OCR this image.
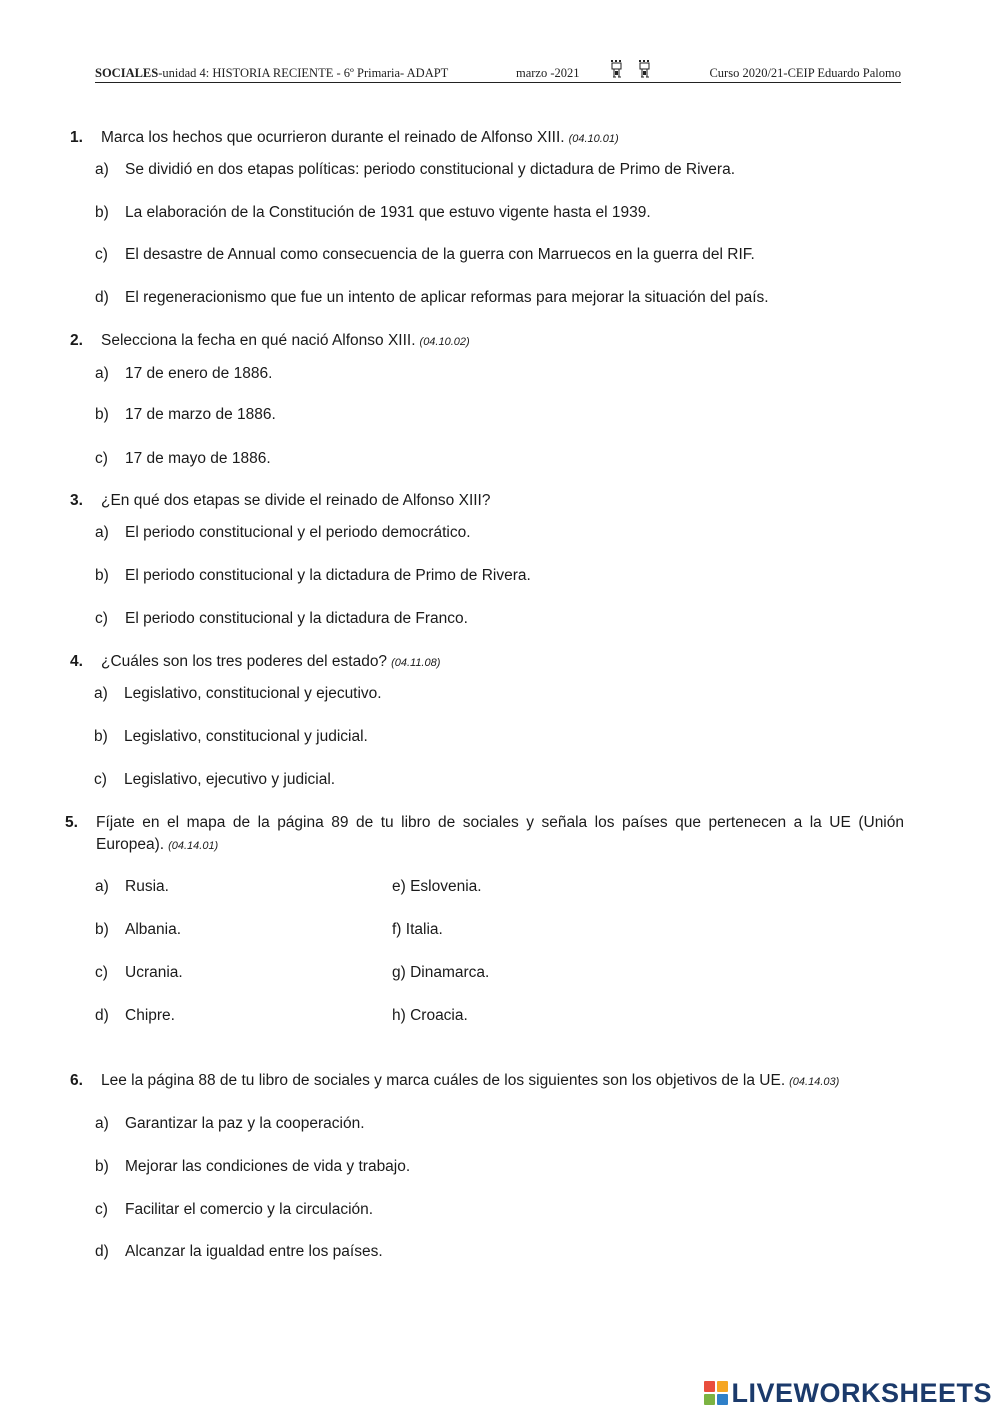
SOCIALES-unidad 4: HISTORIA RECIENTE - 6º Primaria- ADAPT	marzo -2021	Curso 2020/21-CEIP Eduardo Palomo
1. Marca los hechos que ocurrieron durante el reinado de Alfonso XIII. (04.10.01)
a) Se dividió en dos etapas políticas: periodo constitucional y dictadura de Primo de Rivera.
b) La elaboración de la Constitución de 1931 que estuvo vigente hasta el 1939.
c) El desastre de Annual como consecuencia de la guerra con Marruecos en la guerra del RIF.
d) El regeneracionismo que fue un intento de aplicar reformas para mejorar la situación del país.
2. Selecciona la fecha en qué nació Alfonso XIII. (04.10.02)
a) 17 de enero de 1886.
b) 17 de marzo de 1886.
c) 17 de mayo de 1886.
3. ¿En qué dos etapas se divide el reinado de Alfonso XIII?
a) El periodo constitucional y el periodo democrático.
b) El periodo constitucional y la dictadura de Primo de Rivera.
c) El periodo constitucional y la dictadura de Franco.
4. ¿Cuáles son los tres poderes del estado? (04.11.08)
a) Legislativo, constitucional y ejecutivo.
b) Legislativo, constitucional y judicial.
c) Legislativo, ejecutivo y judicial.
5. Fíjate en el mapa de la página 89 de tu libro de sociales y señala los países que pertenecen a la UE (Unión Europea). (04.14.01)
a) Rusia.
b) Albania.
c) Ucrania.
d) Chipre.
e) Eslovenia.
f) Italia.
g) Dinamarca.
h) Croacia.
6. Lee la página 88 de tu libro de sociales y marca cuáles de los siguientes son los objetivos de la UE. (04.14.03)
a) Garantizar la paz y la cooperación.
b) Mejorar las condiciones de vida y trabajo.
c) Facilitar el comercio y la circulación.
d) Alcanzar la igualdad entre los países.
LIVEWORKSHEETS
